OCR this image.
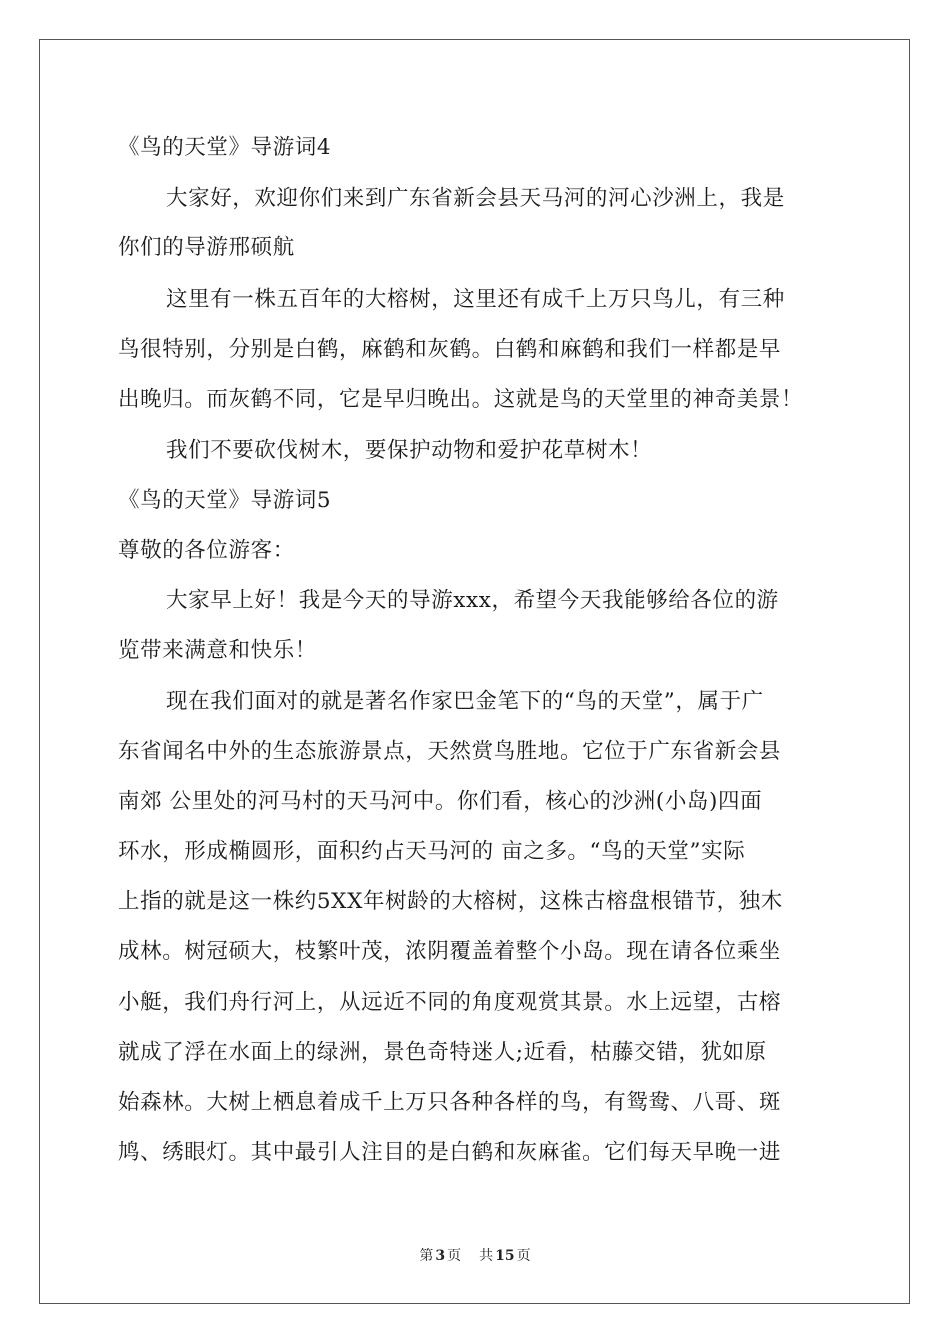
《鸟的天堂》导游词4
大家好，欢迎你们来到广东省新会县天马河的河心沙洲上，我是
你们的导游邢硕航
这里有一株五百年的大榕树，这里还有成千上万只鸟儿，有三种
鸟很特别，分别是白鹤，麻鹤和灰鹤。白鹤和麻鹤和我们一样都是早
出晚归。而灰鹤不同，它是早归晚出。这就是鸟的天堂里的神奇美景！
我们不要砍伐树木，要保护动物和爱护花草树木！
《鸟的天堂》导游词5
尊敬的各位游客：
大家早上好！我是今天的导游xxx，希望今天我能够给各位的游
览带来满意和快乐！
现在我们面对的就是著名作家巴金笔下的“鸟的天堂”，属于广
东省闻名中外的生态旅游景点，天然赏鸟胜地。它位于广东省新会县
南郊 公里处的河马村的天马河中。你们看，核心的沙洲(小岛)四面
环水，形成椭圆形，面积约占天马河的 亩之多。“鸟的天堂”实际
上指的就是这一株约5XX年树龄的大榕树，这株古榕盘根错节，独木
成林。树冠硕大，枝繁叶茂，浓阴覆盖着整个小岛。现在请各位乘坐
小艇，我们舟行河上，从远近不同的角度观赏其景。水上远望，古榕
就成了浮在水面上的绿洲，景色奇特迷人;近看，枯藤交错，犹如原
始森林。大树上栖息着成千上万只各种各样的鸟，有鸳鸯、八哥、斑
鸠、绣眼灯。其中最引人注目的是白鹤和灰麻雀。它们每天早晚一进
第 3 页 共 15 页
